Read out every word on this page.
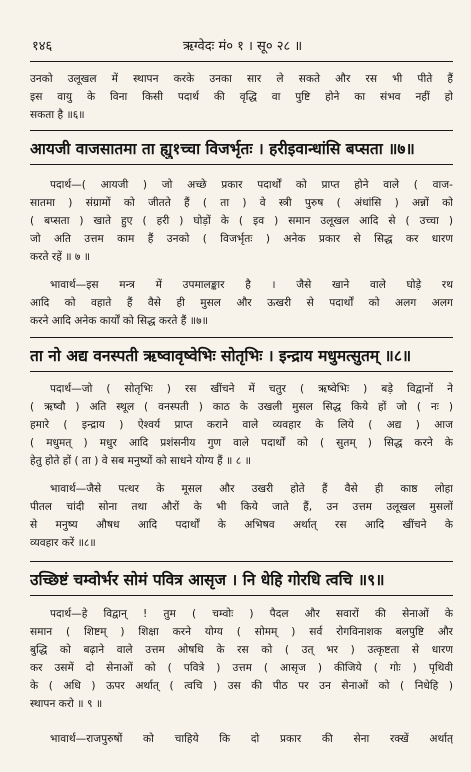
१४६	ऋग्वेदः मं० १ । सू० २८ ॥
उनको उलूखल में स्थापन करके उनका सार ले सकते और रस भी पीते हैं
इस वायु के विना किसी पदार्थ की वृद्धि वा पुष्टि होने का संभव नहीं हो
सकता है ॥६॥
आयजी वाजसातमा ता ह्यु१च्चा विजर्भृतः । हरीइवान्धांसि बप्सता ॥७॥
पदार्थ—( आयजी ) जो अच्छे प्रकार पदार्थों को प्राप्त होने वाले ( वाज-
सातमा ) संग्रामों को जीतते हैं ( ता ) वे स्त्री पुरुष ( अंधांसि ) अन्नों को
( बप्सता ) खाते हुए ( हरी ) घोड़ों के ( इव ) समान उलूखल आदि से ( उच्चा )
जो अति उत्तम काम हैं उनको ( विजर्भृतः ) अनेक प्रकार से सिद्ध कर धारण
करते रहें ॥ ७ ॥
भावार्थ—इस मन्त्र में उपमालङ्कार है । जैसे खाने वाले घोड़े रथ
आदि को वहाते हैं वैसे ही मुसल और ऊखरी से पदार्थों को अलग अलग
करने आदि अनेक कार्यों को सिद्ध करते हैं ॥७॥
ता नो अद्य वनस्पती ऋष्वावृष्वेभिः सोतृभिः । इन्द्राय मधुमत्सुतम् ॥८॥
पदार्थ—जो ( सोतृभिः ) रस खींचने में चतुर ( ऋष्वेभिः ) बड़े विद्वानों ने
( ऋष्वौ ) अति स्थूल ( वनस्पती ) काठ के उखली मुसल सिद्ध किये हों जो ( नः )
हमारे ( इन्द्राय ) ऐश्वर्य प्राप्त कराने वाले व्यवहार के लिये ( अद्य ) आज
( मधुमत् ) मधुर आदि प्रशंसनीय गुण वाले पदार्थों को ( सुतम् ) सिद्ध करने के
हेतु होते हों ( ता ) वे सब मनुष्यों को साधने योग्य हैं ॥ ८ ॥
भावार्थ—जैसे पत्थर के मूसल और उखरी होते हैं वैसे ही काष्ठ लोहा
पीतल चांदी सोना तथा औरों के भी किये जाते हैं, उन उत्तम उलूखल मुसलों
से मनुष्य औषध आदि पदार्थों के अभिषव अर्थात् रस आदि खींचने के
व्यवहार करें ॥८॥
उच्छिष्टं चम्वोर्भर सोमं पवित्र आसृज । नि धेहि गोरधि त्वचि ॥९॥
पदार्थ—हे विद्वान् ! तुम ( चम्वोः ) पैदल और सवारों की सेनाओं के
समान ( शिष्टम् ) शिक्षा करने योग्य ( सोमम् ) सर्व रोगविनाशक बलपुष्टि और
बुद्धि को बढ़ाने वाले उत्तम ओषधि के रस को ( उत् भर ) उत्कृष्टता से धारण
कर उसमें दो सेनाओं को ( पवित्रे ) उत्तम ( आसृज ) कीजिये ( गोः ) पृथिवी
के ( अधि ) ऊपर अर्थात् ( त्वचि ) उस की पीठ पर उन सेनाओं को ( निधेहि )
स्थापन करो ॥ ९ ॥
भावार्थ—राजपुरुषों को चाहिये कि दो प्रकार की सेना रक्खें अर्थात्
